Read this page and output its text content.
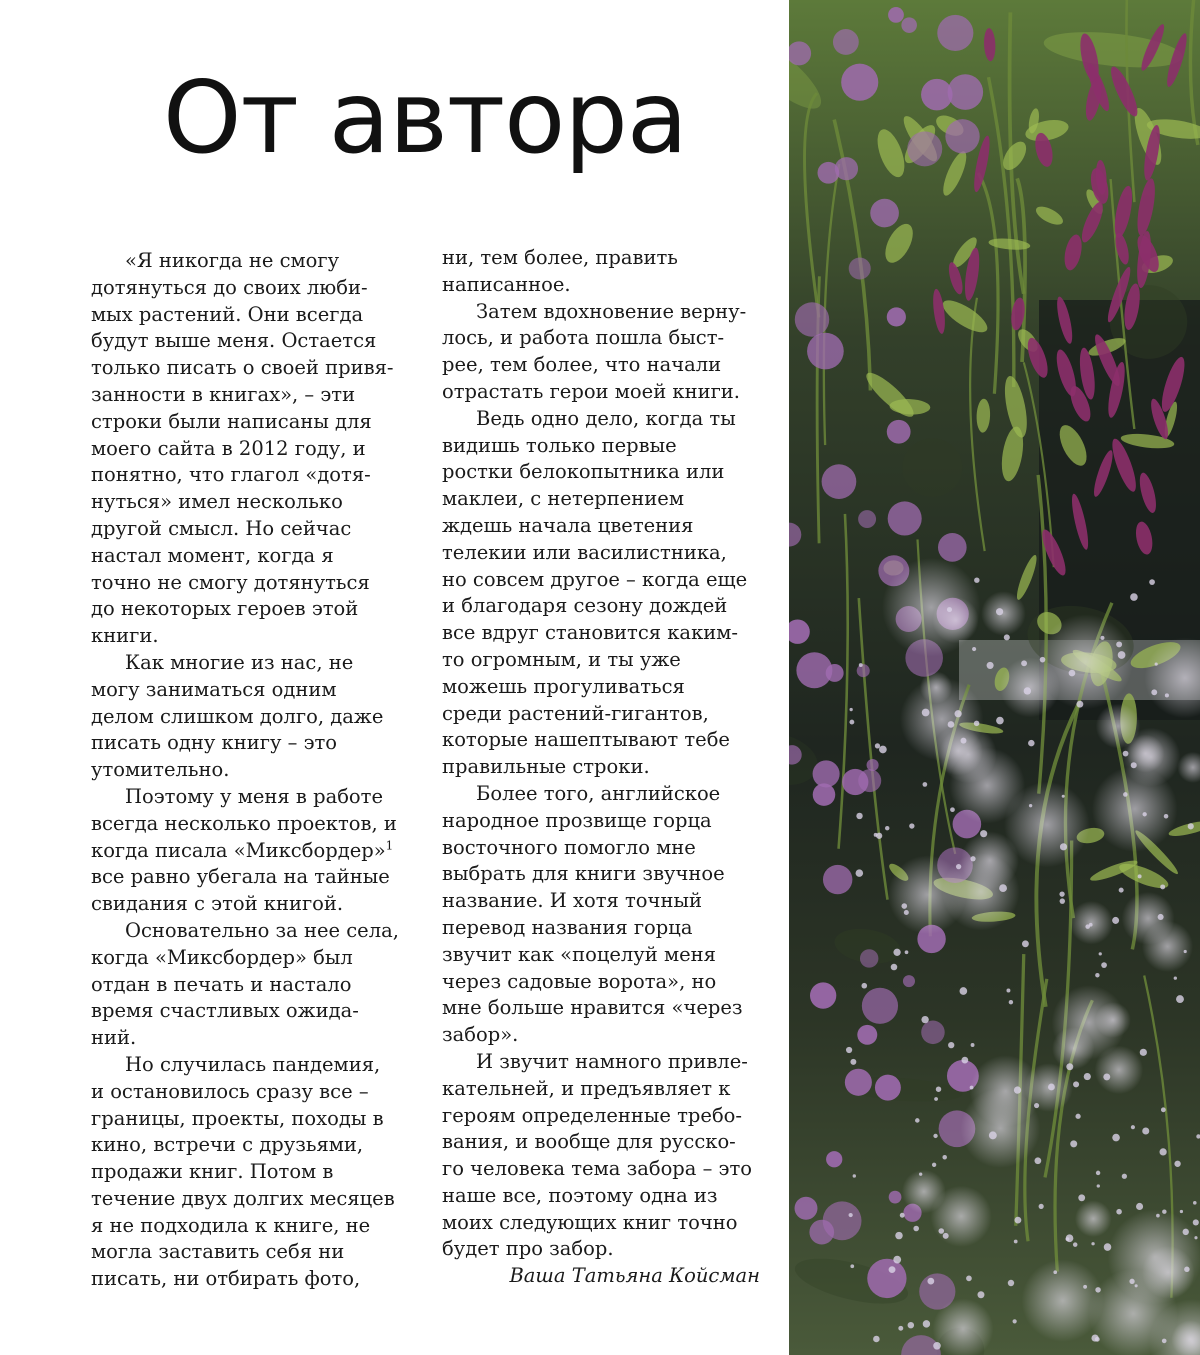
От автора

«Я никогда не смогу
дотянуться до своих люби-
мых растений. Они всегда
будут выше меня. Остается
только писать о своей привя-
занности в книгах», – эти
строки были написаны для
моего сайта в 2012 году, и
понятно, что глагол «дотя-
нуться» имел несколько
другой смысл. Но сейчас
настал момент, когда я
точно не смогу дотянуться
до некоторых героев этой
книги.

Как многие из нас, не
могу заниматься одним
делом слишком долго, даже
писать одну книгу – это
утомительно.

Поэтому у меня в работе
всегда несколько проектов, и
когда писала «Миксбордер»$^1$
все равно убегала на тайные
свидания с этой книгой.

Основательно за нее села,
когда «Миксбордер» был
отдан в печать и настало
время счастливых ожида-
ний.

Но случилась пандемия,
и остановилось сразу все –
границы, проекты, походы в
кино, встречи с друзьями,
продажи книг. Потом в
течение двух долгих месяцев
я не подходила к книге, не
могла заставить себя ни
писать, ни отбирать фото,

ни, тем более, править
написанное.

Затем вдохновение верну-
лось, и работа пошла быст-
рее, тем более, что начали
отрастать герои моей книги.

Ведь одно дело, когда ты
видишь только первые
ростки белокопытника или
маклеи, с нетерпением
ждешь начала цветения
телекии или василистника,
но совсем другое – когда еще
и благодаря сезону дождей
все вдруг становится каким-
то огромным, и ты уже
можешь прогуливаться
среди растений-гигантов,
которые нашептывают тебе
правильные строки.

Более того, английское
народное прозвище горца
восточного помогло мне
выбрать для книги звучное
название. И хотя точный
перевод названия горца
звучит как «поцелуй меня
через садовые ворота», но
мне больше нравится «через
забор».

И звучит намного привле-
кательней, и предъявляет к
героям определенные требо-
вания, и вообще для русско-
го человека тема забора – это
наше все, поэтому одна из
моих следующих книг точно
будет про забор.

Ваша Татьяна Койсман
